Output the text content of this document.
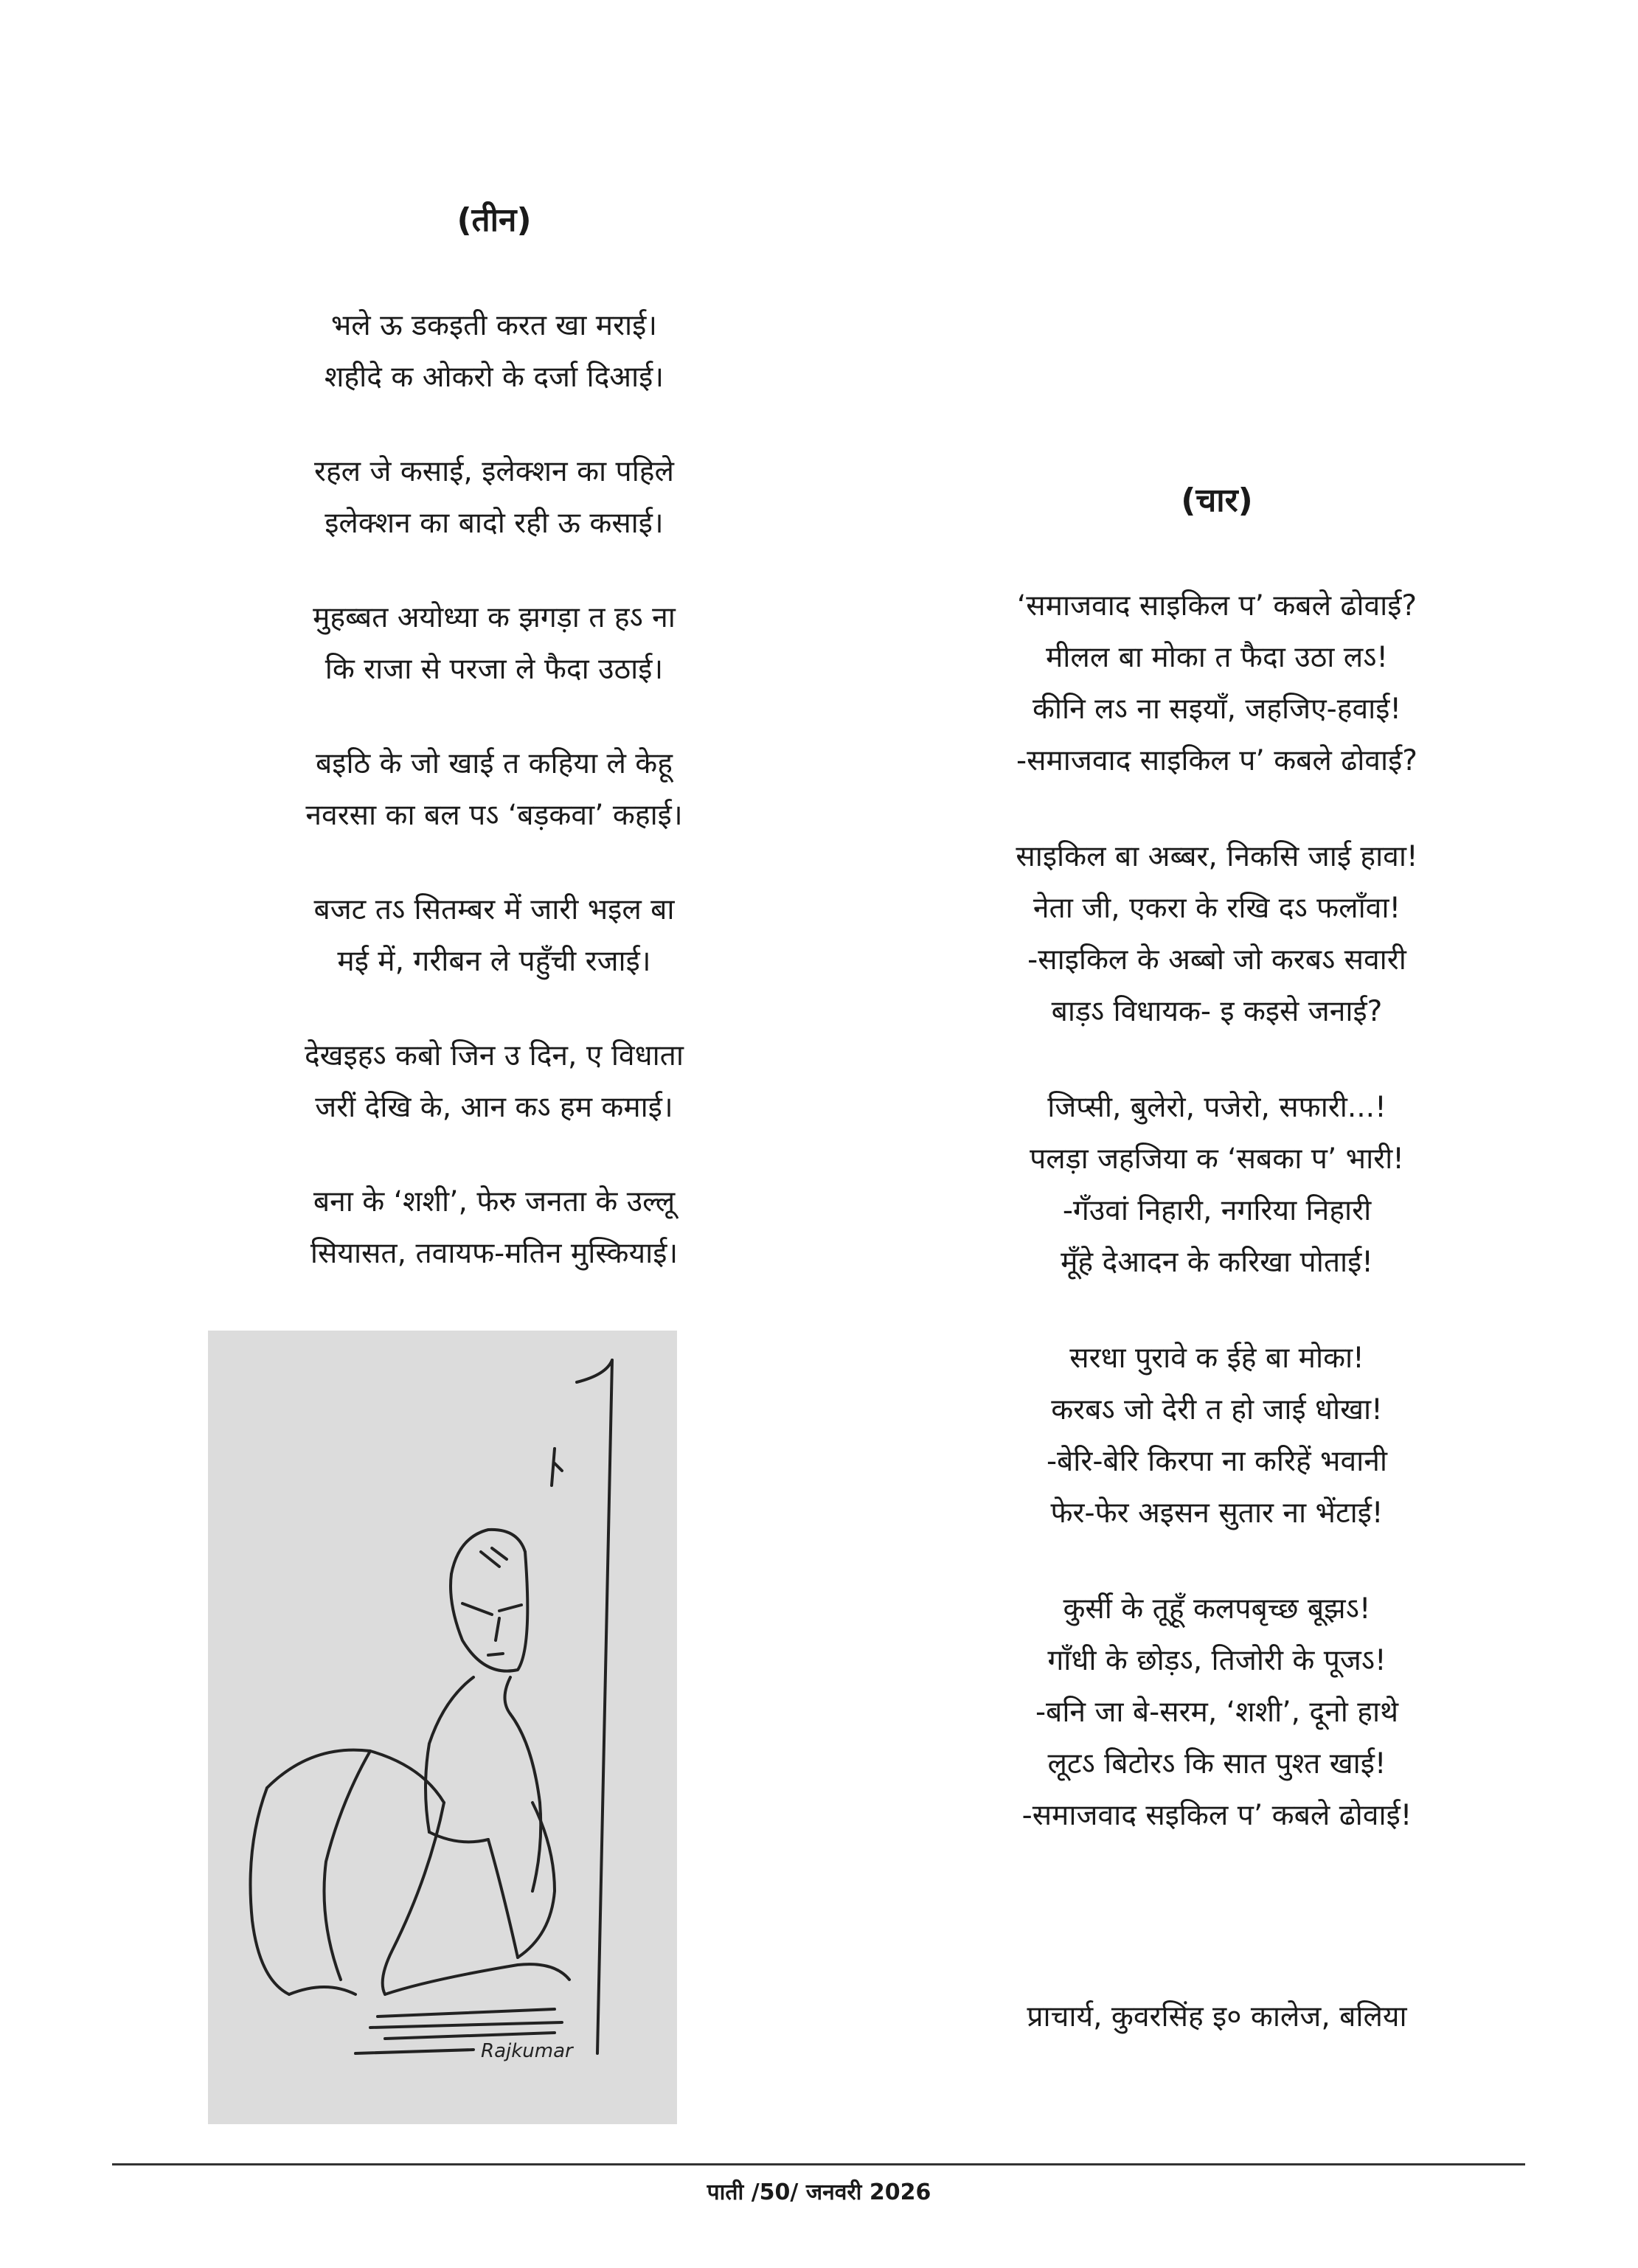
(तीन)
भले ऊ डकइती करत खा मराई।
शहीदे क ओकरो के दर्जा दिआई।
रहल जे कसाई, इलेक्शन का पहिले
इलेक्शन का बादो रही ऊ कसाई।
मुहब्बत अयोध्या क झगड़ा त हऽ ना
कि राजा से परजा ले फैदा उठाई।
बइठि के जो खाई त कहिया ले केहू
नवरसा का बल पऽ ‘बड़कवा’ कहाई।
बजट तऽ सितम्बर में जारी भइल बा
मई में, गरीबन ले पहुँची रजाई।
देखइहऽ कबो जिन उ दिन, ए विधाता
जरीं देखि के, आन कऽ हम कमाई।
बना के ‘शशी’, फेरु जनता के उल्लू
सियासत, तवायफ-मतिन मुस्कियाई।
Rajkumar
(चार)
‘समाजवाद साइकिल प’ कबले ढोवाई?
मीलल बा मोका त फैदा उठा लऽ!
कीनि लऽ ना सइयाँ, जहजिए-हवाई!
-समाजवाद साइकिल प’ कबले ढोवाई?
साइकिल बा अब्बर, निकसि जाई हावा!
नेता जी, एकरा के रखि दऽ फलाँवा!
-साइकिल के अब्बो जो करबऽ सवारी
बाड़ऽ विधायक- इ कइसे जनाई?
जिप्सी, बुलेरो, पजेरो, सफारी...!
पलड़ा जहजिया क ‘सबका प’ भारी!
-गँउवां निहारी, नगरिया निहारी
मूँहे देआदन के करिखा पोताई!
सरधा पुरावे क ईहे बा मोका!
करबऽ जो देरी त हो जाई धोखा!
-बेरि-बेरि किरपा ना करिहें भवानी
फेर-फेर अइसन सुतार ना भेंटाई!
कुर्सी के तूहूँ कलपबृच्छ बूझऽ!
गाँधी के छोड़ऽ, तिजोरी के पूजऽ!
-बनि जा बे-सरम, ‘शशी’, दूनो हाथे
लूटऽ बिटोरऽ कि सात पुश्त खाई!
-समाजवाद सइकिल प’ कबले ढोवाई!
प्राचार्य, कुवरसिंह इ० कालेज, बलिया
पाती /50/ जनवरी 2026
